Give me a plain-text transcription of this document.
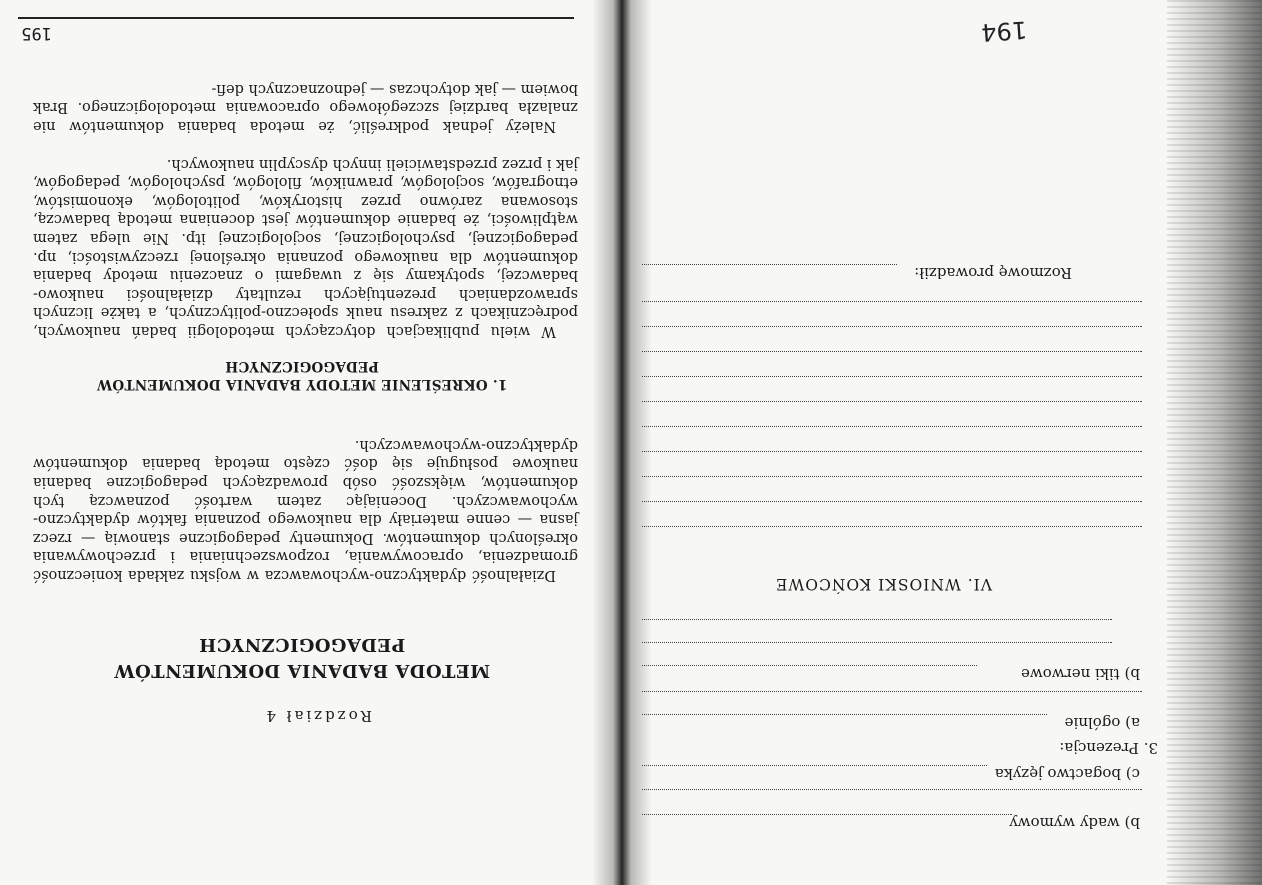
194
b) wady wymowy
c) bogactwo języka
3. Prezencja:
a) ogólnie
b) tiki nerwowe
VI. WNIOSKI KOŃCOWE
Rozmowę prowadził:
195
Rozdział 4
METODA BADANIA DOKUMENTÓW
PEDAGOGICZNYCH

Działalność dydaktyczno-wychowawcza w wojsku zakłada konieczność gromadzenia, opracowywania, rozpowszechniania i przechowywania określonych dokumentów. Dokumenty pedagogiczne stanowią — rzecz jasna — cenne materiały dla naukowego poznania faktów dydaktyczno-wychowawczych. Doceniając zatem wartość poznawczą tych dokumentów, większość osób prowadzących pedagogiczne badania naukowe posługuje się dość często metodą badania dokumentów dydaktyczno-wychowawczych.

1. OKREŚLENIE METODY BADANIA DOKUMENTÓW
PEDAGOGICZNYCH

W wielu publikacjach dotyczących metodologii badań naukowych, podręcznikach z zakresu nauk społeczno-politycznych, a także licznych sprawozdaniach prezentujących rezultaty działalności naukowo-badawczej, spotykamy się z uwagami o znaczeniu metody badania dokumentów dla naukowego poznania określonej rzeczywistości, np. pedagogicznej, psychologicznej, socjologicznej itp. Nie ulega zatem wątpliwości, że badanie dokumentów jest doceniana metodą badawczą, stosowana zarówno przez historyków, politologów, ekonomistów, etnografów, socjologów, prawników, filologów, psychologów, pedagogów, jak i przez przedstawicieli innych dyscyplin naukowych.

Należy jednak podkreślić, że metoda badania dokumentów nie znalazła bardziej szczegółowego opracowania metodologicznego. Brak bowiem — jak dotychczas — jednoznacznych defi-
